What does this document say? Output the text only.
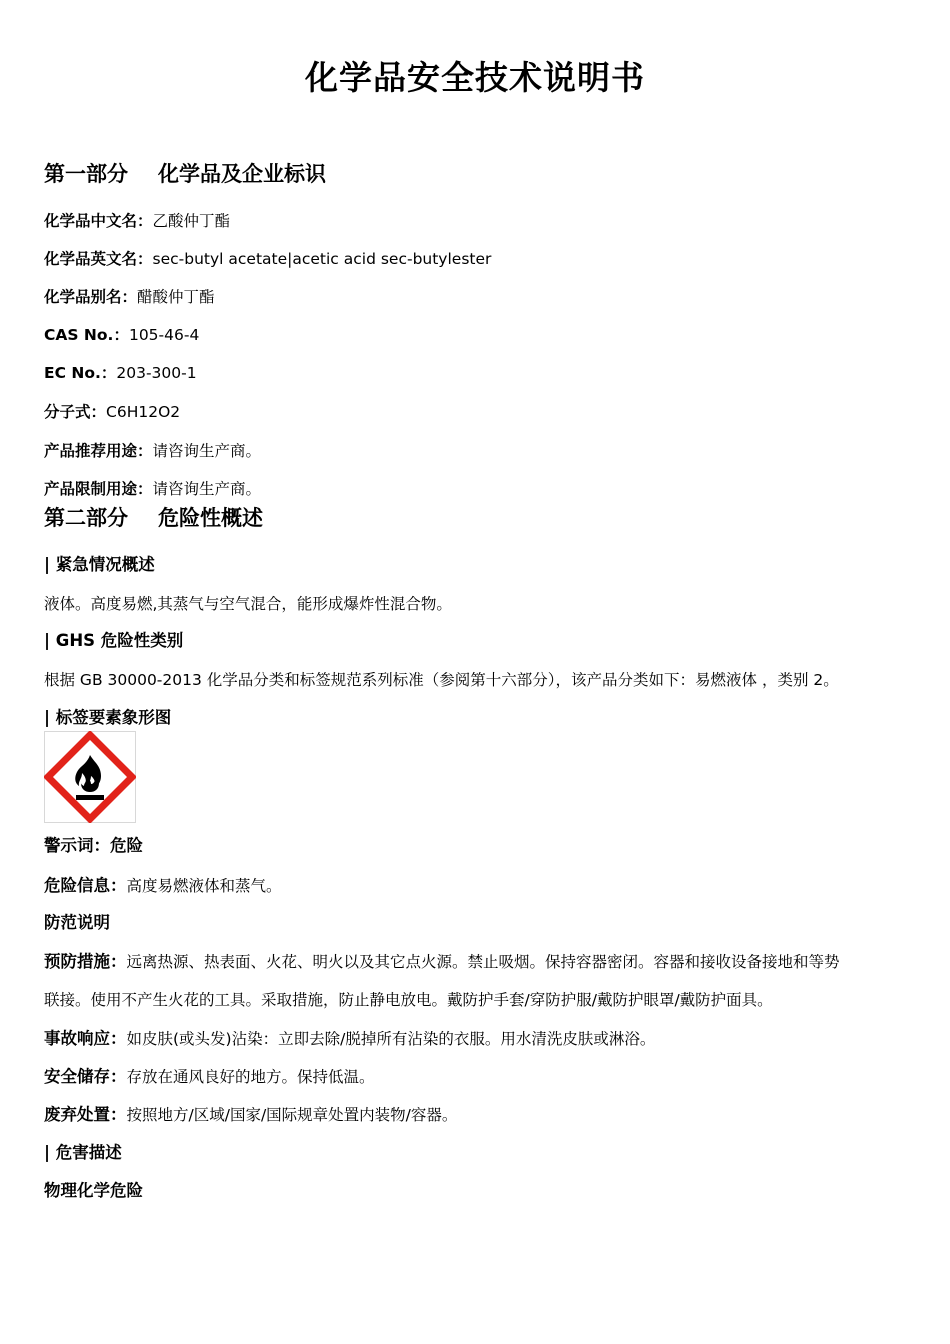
化学品安全技术说明书
第一部分 化学品及企业标识
化学品中文名：乙酸仲丁酯
化学品英文名：sec-butyl acetate|acetic acid sec-butylester
化学品别名：醋酸仲丁酯
CAS No.：105-46-4
EC No.：203-300-1
分子式：C6H12O2
产品推荐用途：请咨询生产商。
产品限制用途：请咨询生产商。
第二部分 危险性概述
| 紧急情况概述
液体。高度易燃,其蒸气与空气混合，能形成爆炸性混合物。
| GHS 危险性类别
根据 GB 30000-2013 化学品分类和标签规范系列标准（参阅第十六部分），该产品分类如下：易燃液体 ，类别 2。
| 标签要素象形图
警示词：危险
危险信息：高度易燃液体和蒸气。
防范说明
预防措施：远离热源、热表面、火花、明火以及其它点火源。禁止吸烟。保持容器密闭。容器和接收设备接地和等势
联接。使用不产生火花的工具。采取措施，防止静电放电。戴防护手套/穿防护服/戴防护眼罩/戴防护面具。
事故响应：如皮肤(或头发)沾染：立即去除/脱掉所有沾染的衣服。用水清洗皮肤或淋浴。
安全储存：存放在通风良好的地方。保持低温。
废弃处置：按照地方/区域/国家/国际规章处置内装物/容器。
| 危害描述
物理化学危险
